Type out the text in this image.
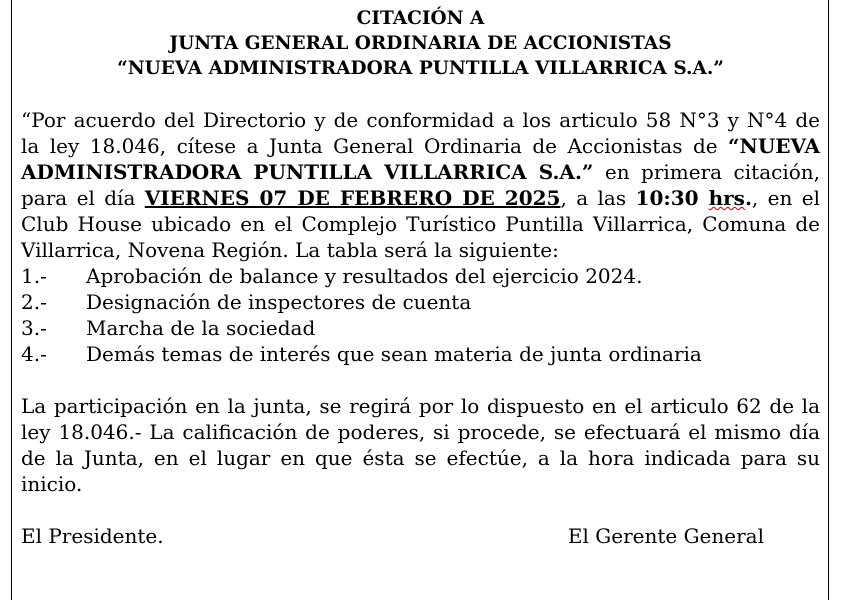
CITACIÓN A
JUNTA GENERAL ORDINARIA DE ACCIONISTAS
“NUEVA ADMINISTRADORA PUNTILLA VILLARRICA S.A.”

“Por acuerdo del Directorio y de conformidad a los articulo 58 N°3 y N°4 de la ley 18.046, cítese a Junta General Ordinaria de Accionistas de “NUEVA ADMINISTRADORA PUNTILLA VILLARRICA S.A.” en primera citación, para el día VIERNES 07 DE FEBRERO DE 2025, a las 10:30 hrs., en el Club House ubicado en el Complejo Turístico Puntilla Villarrica, Comuna de Villarrica, Novena Región. La tabla será la siguiente:

1.-	Aprobación de balance y resultados del ejercicio 2024.
2.-	Designación de inspectores de cuenta
3.-	Marcha de la sociedad
4.-	Demás temas de interés que sean materia de junta ordinaria

La participación en la junta, se regirá por lo dispuesto en el articulo 62 de la ley 18.046.- La calificación de poderes, si procede, se efectuará el mismo día de la Junta, en el lugar en que ésta se efectúe, a la hora indicada para su inicio.

El Presidente.	El Gerente General
